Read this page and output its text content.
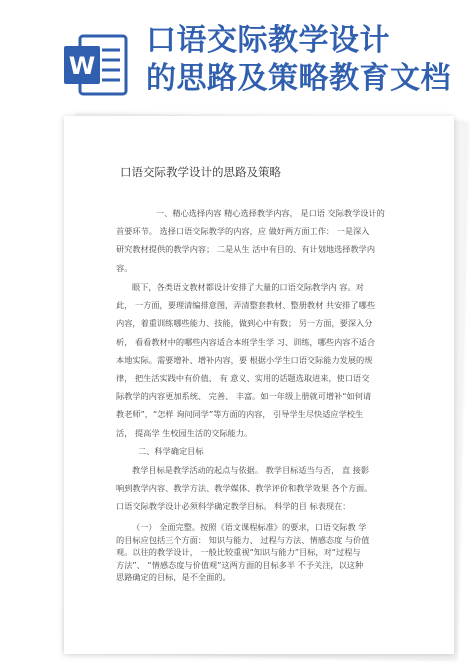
W
口语交际教学设计
的思路及策略教育文档
口语交际教学设计的思路及策略
一、精心选择内容 精心选择教学内容， 是口语 交际教学设计的
首要环节。 选择口语交际教学的内容，应 做好两方面工作： 一是深入
研究教材提供的教学内容； 二是从生 活中有目的、有计划地选择教学内
容。
眼下，各类语文教材都设计安排了大量的口语交际教学内 容。对
此， 一方面，要理清编排意图，弄清整套教材、整册教材 共安排了哪些
内容，着重训练哪些能力、技能，做到心中有数； 另一方面，要深入分
析， 看看教材中的哪些内容适合本班学生学 习、训练，哪些内容不适合
本地实际。需要增补、增补内容，要 根据小学生口语交际能力发展的规
律， 把生活实践中有价值、 有 意义、实用的话题选取进来，使口语交
际教学的内容更加系统、 完善、 丰富。如一年级上册就可增补“如何请
教老师”，“怎样 询问同学”等方面的内容， 引导学生尽快适应学校生
活， 提高学 生校园生活的交际能力。
二、科学确定目标
教学目标是教学活动的起点与依据。 教学目标适当与否， 直 接影
响到教学内容、教学方法、教学媒体、教学评价和教学效果 各个方面。
口语交际教学设计必须科学确定教学目标。 科学的目 标表现在：
（一） 全面完整。按照《语文课程标准》的要求，口语交际教 学
的目标应包括三个方面： 知识与能力、 过程与方法、情感态度 与价值
观。以往的教学设计， 一般比较重视“知识与能力”目标，对“过程与
方法”、 “情感态度与价值观”这两方面的目标多半 不予关注，以这种
思路确定的目标，是不全面的。
